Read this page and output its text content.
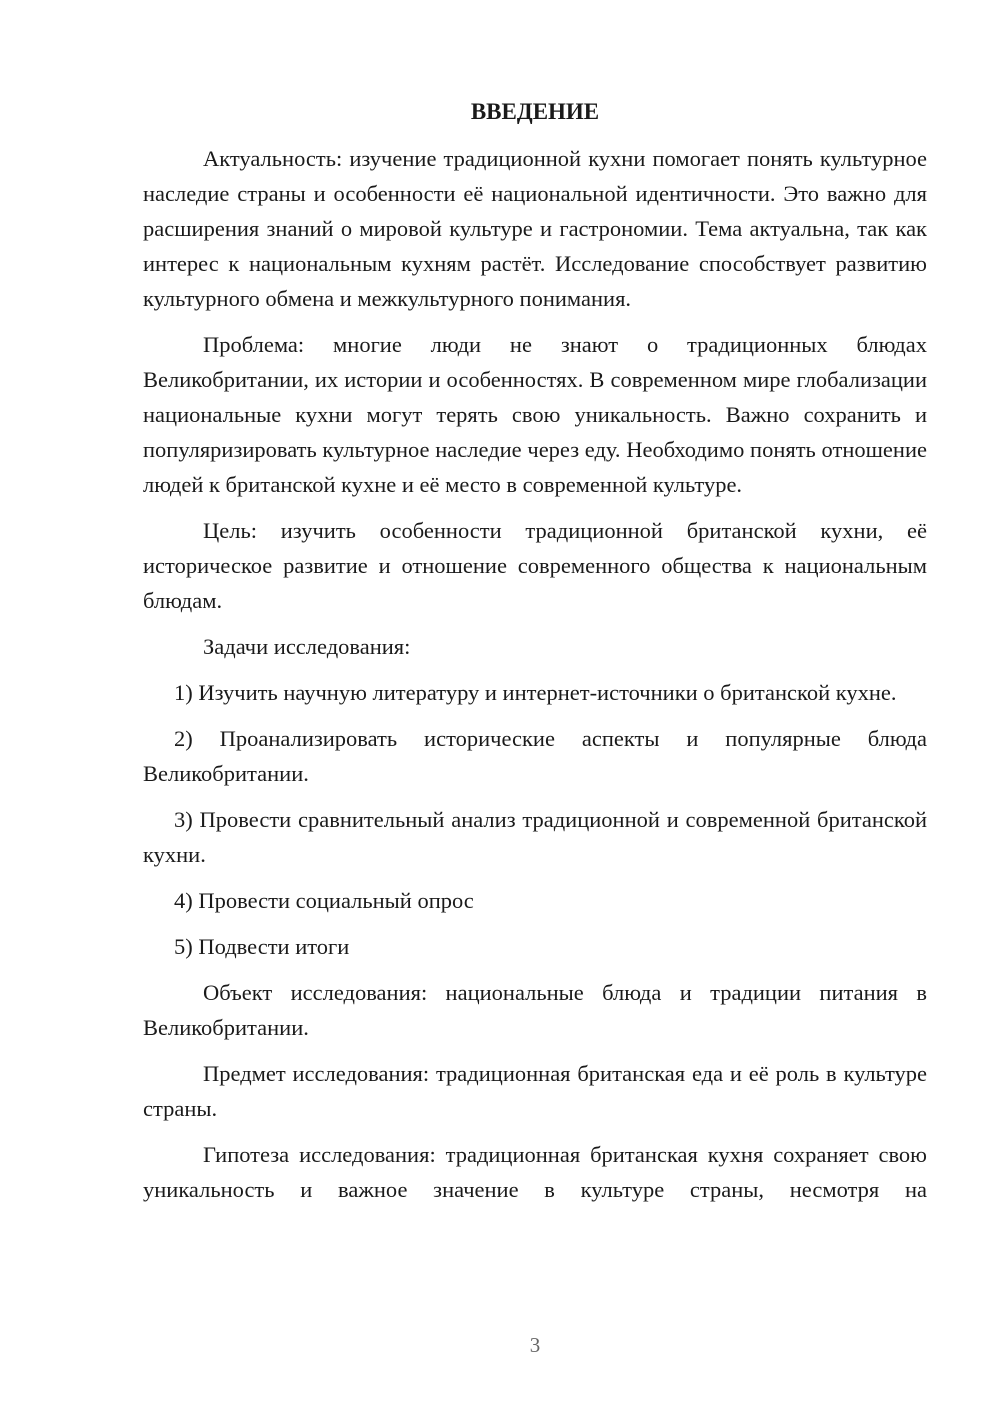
ВВЕДЕНИЕ

Актуальность: изучение традиционной кухни помогает понять культурное наследие страны и особенности её национальной идентичности. Это важно для расширения знаний о мировой культуре и гастрономии. Тема актуальна, так как интерес к национальным кухням растёт. Исследование способствует развитию культурного обмена и межкультурного понимания.

Проблема: многие люди не знают о традиционных блюдах Великобритании, их истории и особенностях. В современном мире глобализации национальные кухни могут терять свою уникальность. Важно сохранить и популяризировать культурное наследие через еду. Необходимо понять отношение людей к британской кухне и её место в современной культуре.

Цель: изучить особенности традиционной британской кухни, её историческое развитие и отношение современного общества к национальным блюдам.

Задачи исследования:

1) Изучить научную литературу и интернет-источники о британской кухне.

2) Проанализировать исторические аспекты и популярные блюда Великобритании.

3) Провести сравнительный анализ традиционной и современной британской кухни.

4) Провести социальный опрос

5) Подвести итоги

Объект исследования: национальные блюда и традиции питания в Великобритании.

Предмет исследования: традиционная британская еда и её роль в культуре страны.

Гипотеза исследования: традиционная британская кухня сохраняет свою уникальность и важное значение в культуре страны, несмотря на

3
